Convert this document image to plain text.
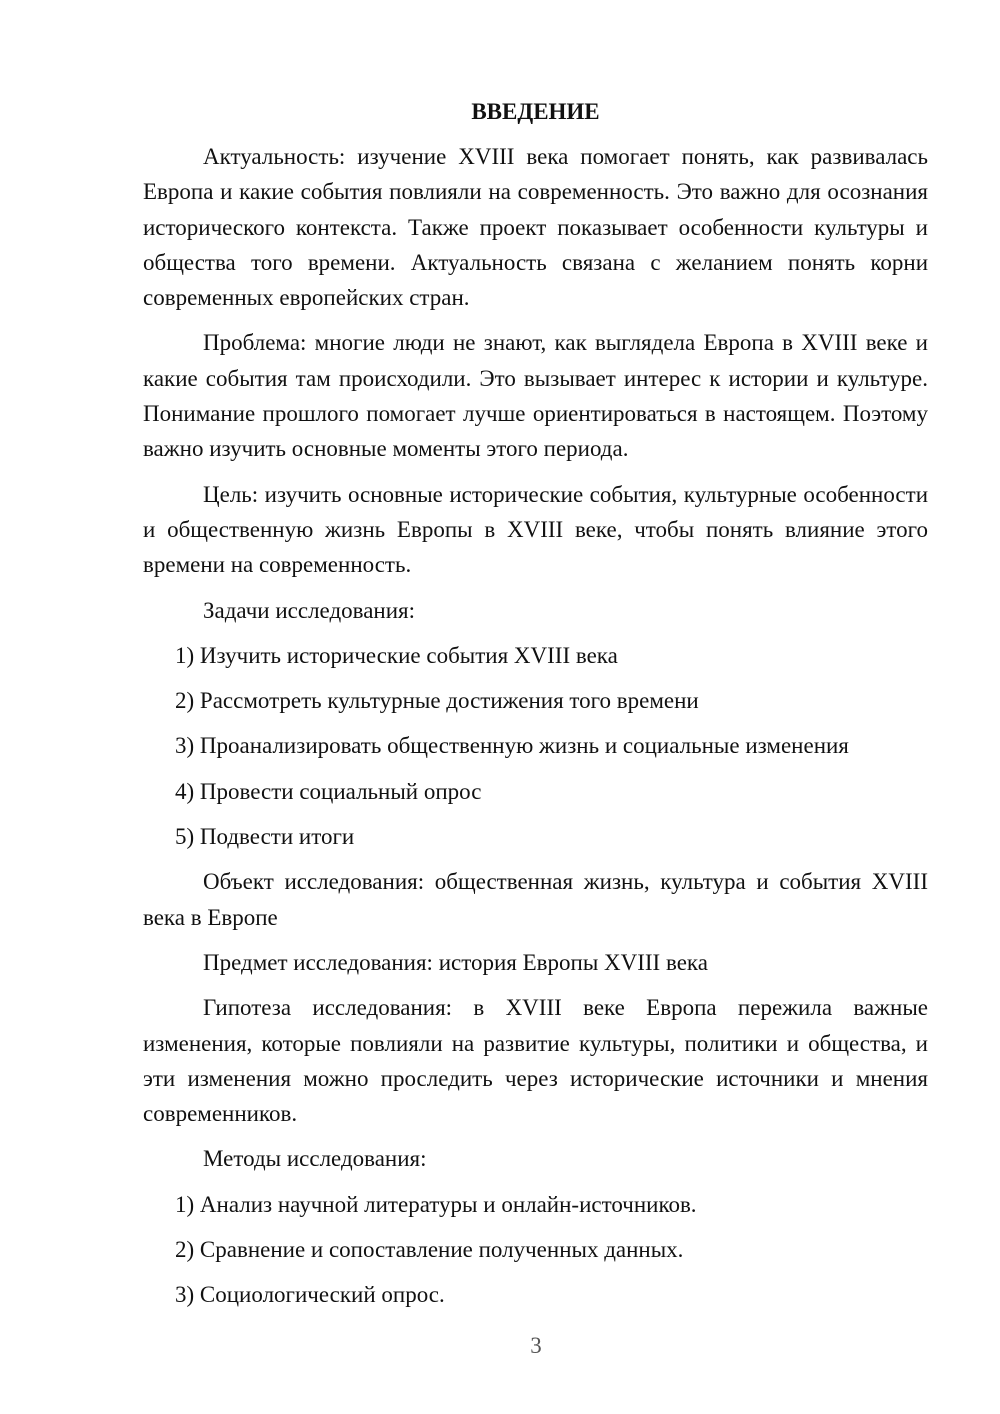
ВВЕДЕНИЕ

Актуальность: изучение XVIII века помогает понять, как развивалась Европа и какие события повлияли на современность. Это важно для осознания исторического контекста. Также проект показывает особенности культуры и общества того времени. Актуальность связана с желанием понять корни современных европейских стран.

Проблема: многие люди не знают, как выглядела Европа в XVIII веке и какие события там происходили. Это вызывает интерес к истории и культуре. Понимание прошлого помогает лучше ориентироваться в настоящем. Поэтому важно изучить основные моменты этого периода.

Цель: изучить основные исторические события, культурные особенности и общественную жизнь Европы в XVIII веке, чтобы понять влияние этого времени на современность.

Задачи исследования:

1) Изучить исторические события XVIII века
2) Рассмотреть культурные достижения того времени
3) Проанализировать общественную жизнь и социальные изменения
4) Провести социальный опрос
5) Подвести итоги

Объект исследования: общественная жизнь, культура и события XVIII века в Европе

Предмет исследования: история Европы XVIII века

Гипотеза исследования: в XVIII веке Европа пережила важные изменения, которые повлияли на развитие культуры, политики и общества, и эти изменения можно проследить через исторические источники и мнения современников.

Методы исследования:

1) Анализ научной литературы и онлайн-источников.
2) Сравнение и сопоставление полученных данных.
3) Социологический опрос.
3
